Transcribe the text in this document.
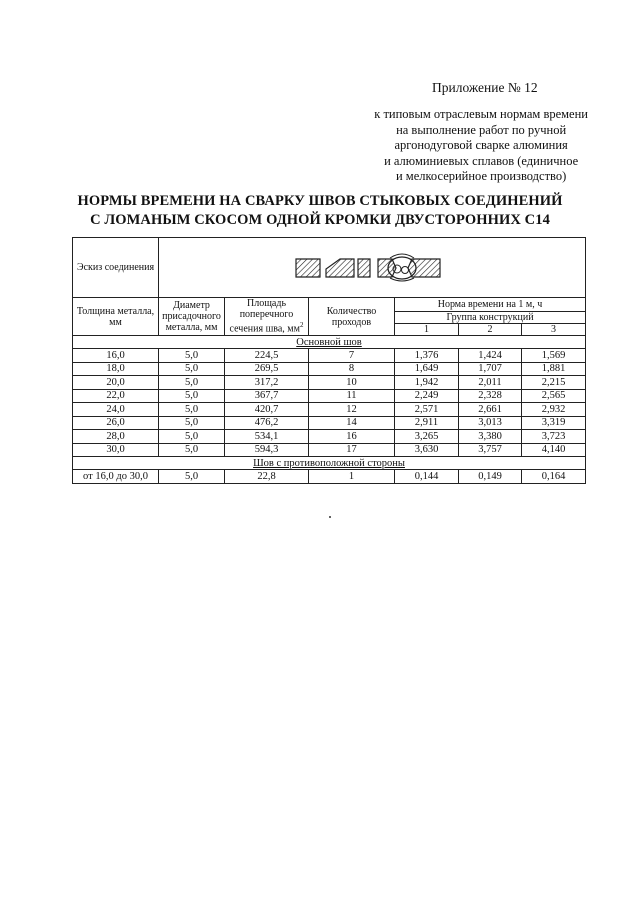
Приложение № 12
к типовым отраслевым нормам времени
на выполнение работ по ручной
аргонодуговой сварке алюминия
и алюминиевых сплавов (единичное
и мелкосерийное производство)
НОРМЫ ВРЕМЕНИ НА СВАРКУ ШВОВ СТЫКОВЫХ СОЕДИНЕНИЙ
С ЛОМАНЫМ СКОСОМ ОДНОЙ КРОМКИ ДВУСТОРОННИХ С14
Эскиз соединения	

Толщина металла, мм	Диаметр присадочного металла, мм	Площадь поперечного сечения шва, $мм^2$	Количество проходов	Норма времени на 1 м, ч		
				Группа конструкций		
				1	2	3
Основной шов						
16,0	5,0	224,5	7	1,376	1,424	1,569
18,0	5,0	269,5	8	1,649	1,707	1,881
20,0	5,0	317,2	10	1,942	2,011	2,215
22,0	5,0	367,7	11	2,249	2,328	2,565
24,0	5,0	420,7	12	2,571	2,661	2,932
26,0	5,0	476,2	14	2,911	3,013	3,319
28,0	5,0	534,1	16	3,265	3,380	3,723
30,0	5,0	594,3	17	3,630	3,757	4,140
Шов с противоположной стороны						
от 16,0 до 30,0	5,0	22,8	1	0,144	0,149	0,164
